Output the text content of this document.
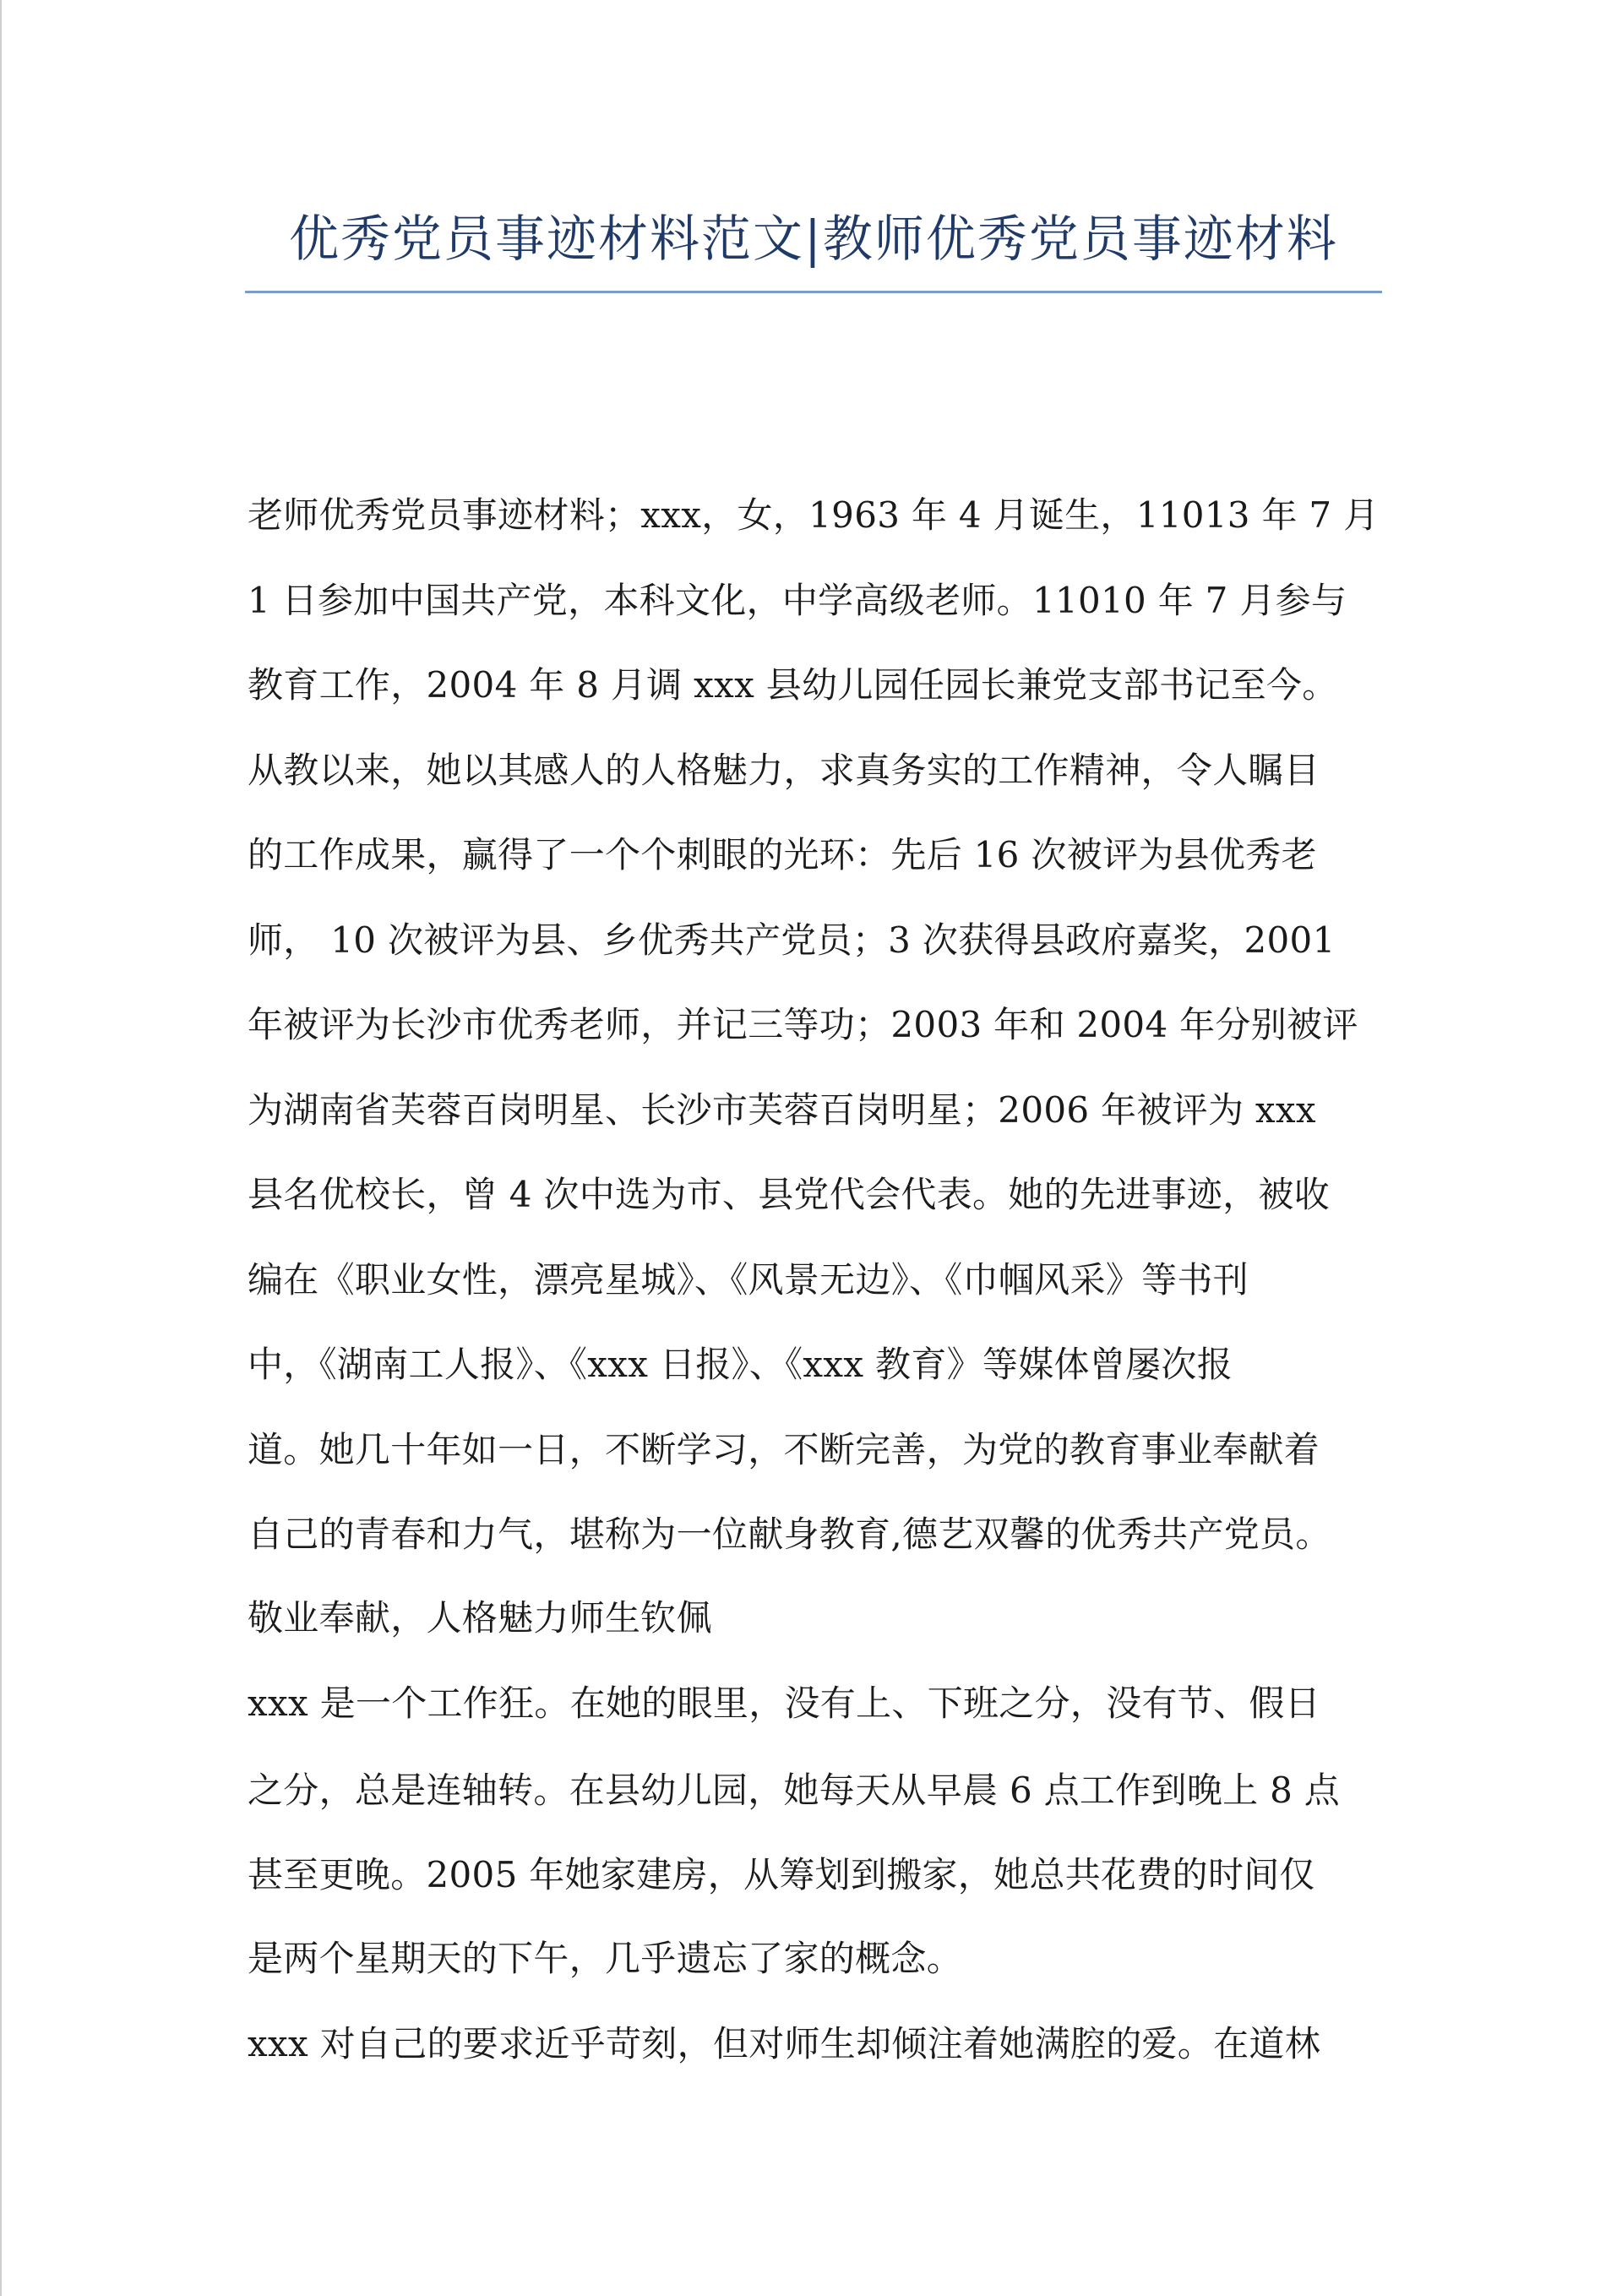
优秀党员事迹材料范文|教师优秀党员事迹材料
老师优秀党员事迹材料；xxx，女，1963 年 4 月诞生，11013 年 7 月
1 日参加中国共产党，本科文化，中学高级老师。11010 年 7 月参与
教育工作，2004 年 8 月调 xxx 县幼儿园任园长兼党支部书记至今。
从教以来，她以其感人的人格魅力，求真务实的工作精神，令人瞩目
的工作成果，赢得了一个个刺眼的光环：先后 16 次被评为县优秀老
师， 10 次被评为县、乡优秀共产党员；3 次获得县政府嘉奖，2001
年被评为长沙市优秀老师，并记三等功；2003 年和 2004 年分别被评
为湖南省芙蓉百岗明星、长沙市芙蓉百岗明星；2006 年被评为 xxx
县名优校长，曾 4 次中选为市、县党代会代表。她的先进事迹，被收
编在《职业女性，漂亮星城》、《风景无边》、《巾帼风采》等书刊
中，《湖南工人报》、《xxx 日报》、《xxx 教育》等媒体曾屡次报
道。她几十年如一日，不断学习，不断完善，为党的教育事业奉献着
自己的青春和力气，堪称为一位献身教育,德艺双馨的优秀共产党员。
敬业奉献，人格魅力师生钦佩
xxx 是一个工作狂。在她的眼里，没有上、下班之分，没有节、假日
之分，总是连轴转。在县幼儿园，她每天从早晨 6 点工作到晚上 8 点
甚至更晚。2005 年她家建房，从筹划到搬家，她总共花费的时间仅
是两个星期天的下午，几乎遗忘了家的概念。
xxx 对自己的要求近乎苛刻，但对师生却倾注着她满腔的爱。在道林
